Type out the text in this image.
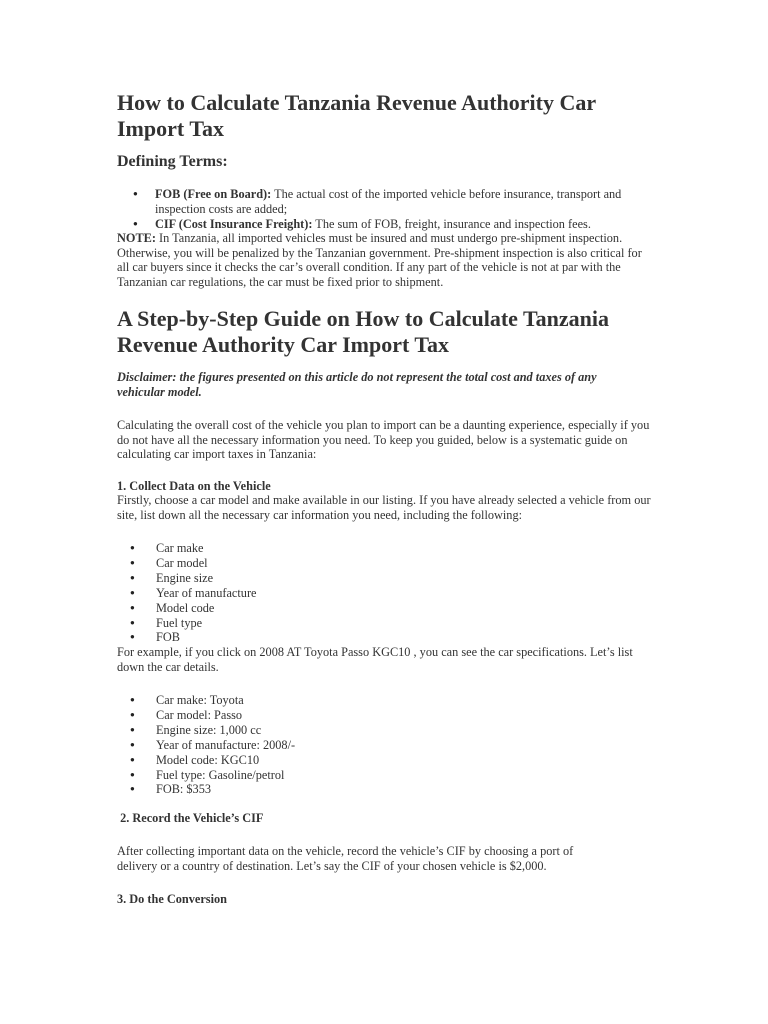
How to Calculate Tanzania Revenue Authority Car Import Tax
Defining Terms:
● FOB (Free on Board): The actual cost of the imported vehicle before insurance, transport and inspection costs are added;
● CIF (Cost Insurance Freight): The sum of FOB, freight, insurance and inspection fees.

NOTE: In Tanzania, all imported vehicles must be insured and must undergo pre-shipment inspection. Otherwise, you will be penalized by the Tanzanian government. Pre-shipment inspection is also critical for all car buyers since it checks the car’s overall condition. If any part of the vehicle is not at par with the Tanzanian car regulations, the car must be fixed prior to shipment.

A Step-by-Step Guide on How to Calculate Tanzania Revenue Authority Car Import Tax

Disclaimer: the figures presented on this article do not represent the total cost and taxes of any vehicular model.

Calculating the overall cost of the vehicle you plan to import can be a daunting experience, especially if you do not have all the necessary information you need. To keep you guided, below is a systematic guide on calculating car import taxes in Tanzania:

1. Collect Data on the Vehicle

Firstly, choose a car model and make available in our listing. If you have already selected a vehicle from our site, list down all the necessary car information you need, including the following:

● Car make
● Car model
● Engine size
● Year of manufacture
● Model code
● Fuel type
● FOB

For example, if you click on 2008 AT Toyota Passo KGC10 , you can see the car specifications. Let’s list down the car details.

● Car make: Toyota
● Car model: Passo
● Engine size: 1,000 cc
● Year of manufacture: 2008/-
● Model code: KGC10
● Fuel type: Gasoline/petrol
● FOB: $353

2. Record the Vehicle’s CIF

After collecting important data on the vehicle, record the vehicle’s CIF by choosing a port of delivery or a country of destination. Let’s say the CIF of your chosen vehicle is $2,000.

3. Do the Conversion
